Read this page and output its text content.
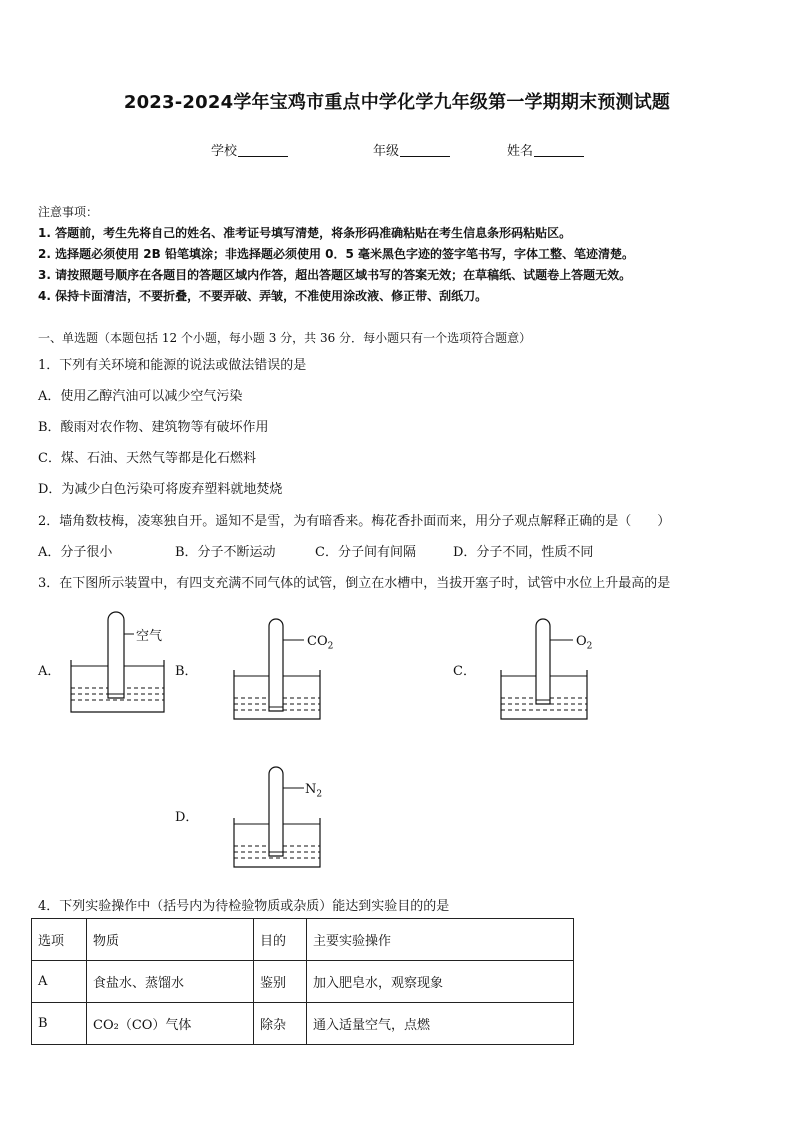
2023-2024学年宝鸡市重点中学化学九年级第一学期期末预测试题
学校	年级	姓名
注意事项：
1. 答题前，考生先将自己的姓名、准考证号填写清楚，将条形码准确粘贴在考生信息条形码粘贴区。
2. 选择题必须使用 2B 铅笔填涂；非选择题必须使用 0．5 毫米黑色字迹的签字笔书写，字体工整、笔迹清楚。
3. 请按照题号顺序在各题目的答题区域内作答，超出答题区域书写的答案无效；在草稿纸、试题卷上答题无效。
4. 保持卡面清洁，不要折叠，不要弄破、弄皱，不准使用涂改液、修正带、刮纸刀。
一、单选题（本题包括 12 个小题，每小题 3 分，共 36 分．每小题只有一个选项符合题意）
1．下列有关环境和能源的说法或做法错误的是
A．使用乙醇汽油可以减少空气污染
B．酸雨对农作物、建筑物等有破坏作用
C．煤、石油、天然气等都是化石燃料
D．为减少白色污染可将废弃塑料就地焚烧
2．墙角数枝梅，凌寒独自开。遥知不是雪，为有暗香来。梅花香扑面而来，用分子观点解释正确的是（　　）
A．分子很小	B．分子不断运动	C．分子间有间隔	D．分子不同，性质不同
3．在下图所示装置中，有四支充满不同气体的试管，倒立在水槽中，当拔开塞子时，试管中水位上升最高的是
A．
空气
B．
$CO_2$
C．
$O_2$
D．
$N_2$
4．下列实验操作中（括号内为待检验物质或杂质）能达到实验目的的是
选项	物质	目的	主要实验操作
A	食盐水、蒸馏水	鉴别	加入肥皂水，观察现象
B	CO₂（CO）气体	除杂	通入适量空气，点燃
